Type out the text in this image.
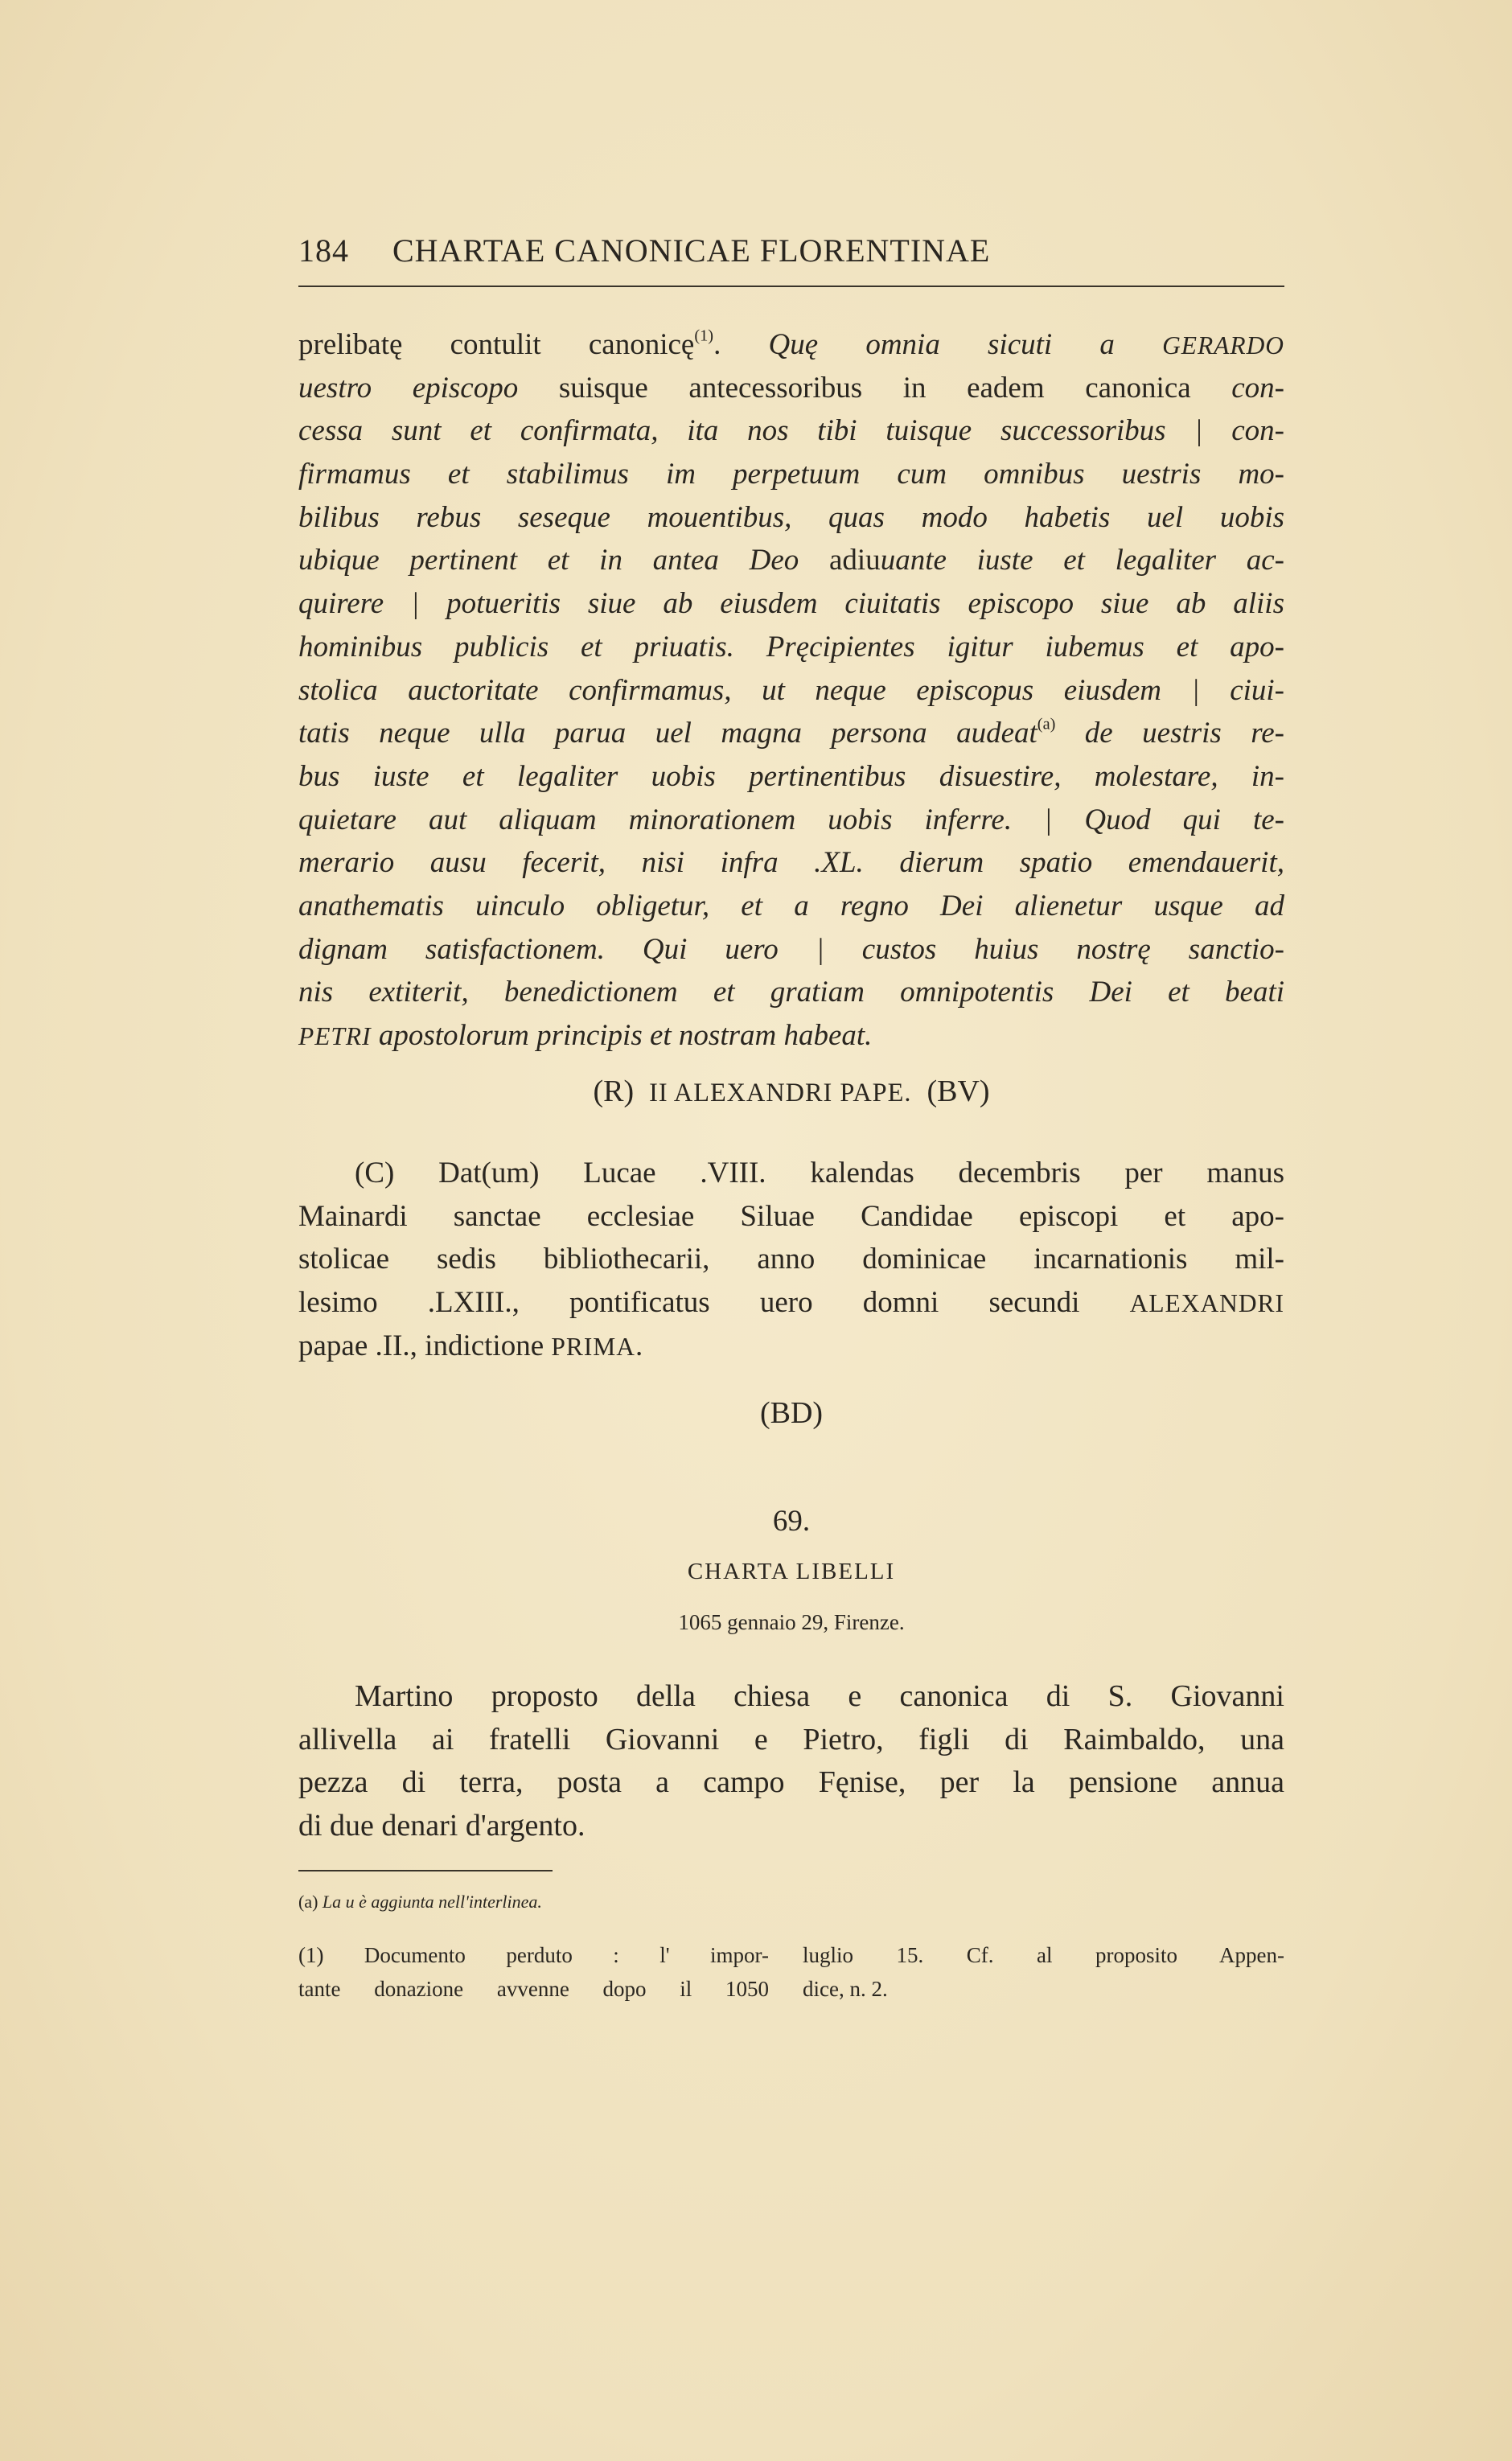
184 CHARTAE CANONICAE FLORENTINAE
prelibatę contulit canonicę$^{(1)}$. Quę omnia sicuti a GERARDO
uestro episcopo suisque antecessoribus in eadem canonica con-
cessa sunt et confirmata, ita nos tibi tuisque successoribus | con-
firmamus et stabilimus im perpetuum cum omnibus uestris mo-
bilibus rebus seseque mouentibus, quas modo habetis uel uobis
ubique pertinent et in antea Deo adiuuante iuste et legaliter ac-
quirere | potueritis siue ab eiusdem ciuitatis episcopo siue ab aliis
hominibus publicis et priuatis. Pręcipientes igitur iubemus et apo-
stolica auctoritate confirmamus, ut neque episcopus eiusdem | ciui-
tatis neque ulla parua uel magna persona audeat$^{(a)}$ de uestris re-
bus iuste et legaliter uobis pertinentibus disuestire, molestare, in-
quietare aut aliquam minorationem uobis inferre. | Quod qui te-
merario ausu fecerit, nisi infra .XL. dierum spatio emendauerit,
anathematis uinculo obligetur, et a regno Dei alienetur usque ad
dignam satisfactionem. Qui uero | custos huius nostrę sanctio-
nis extiterit, benedictionem et gratiam omnipotentis Dei et beati
PETRI apostolorum principis et nostram habeat.
(R) II ALEXANDRI PAPE. (BV)
(C) Dat(um) Lucae .VIII. kalendas decembris per manus
Mainardi sanctae ecclesiae Siluae Candidae episcopi et apo-
stolicae sedis bibliothecarii, anno dominicae incarnationis mil-
lesimo .LXIII., pontificatus uero domni secundi ALEXANDRI
papae .II., indictione PRIMA.
(BD)
69.
CHARTA LIBELLI
1065 gennaio 29, Firenze.
Martino proposto della chiesa e canonica di S. Giovanni
allivella ai fratelli Giovanni e Pietro, figli di Raimbaldo, una
pezza di terra, posta a campo Fęnise, per la pensione annua
di due denari d'argento.
(a) La u è aggiunta nell'interlinea.
(1) Documento perduto : l' impor-
tante donazione avvenne dopo il 1050
luglio 15. Cf. al proposito Appen-
dice, n. 2.
